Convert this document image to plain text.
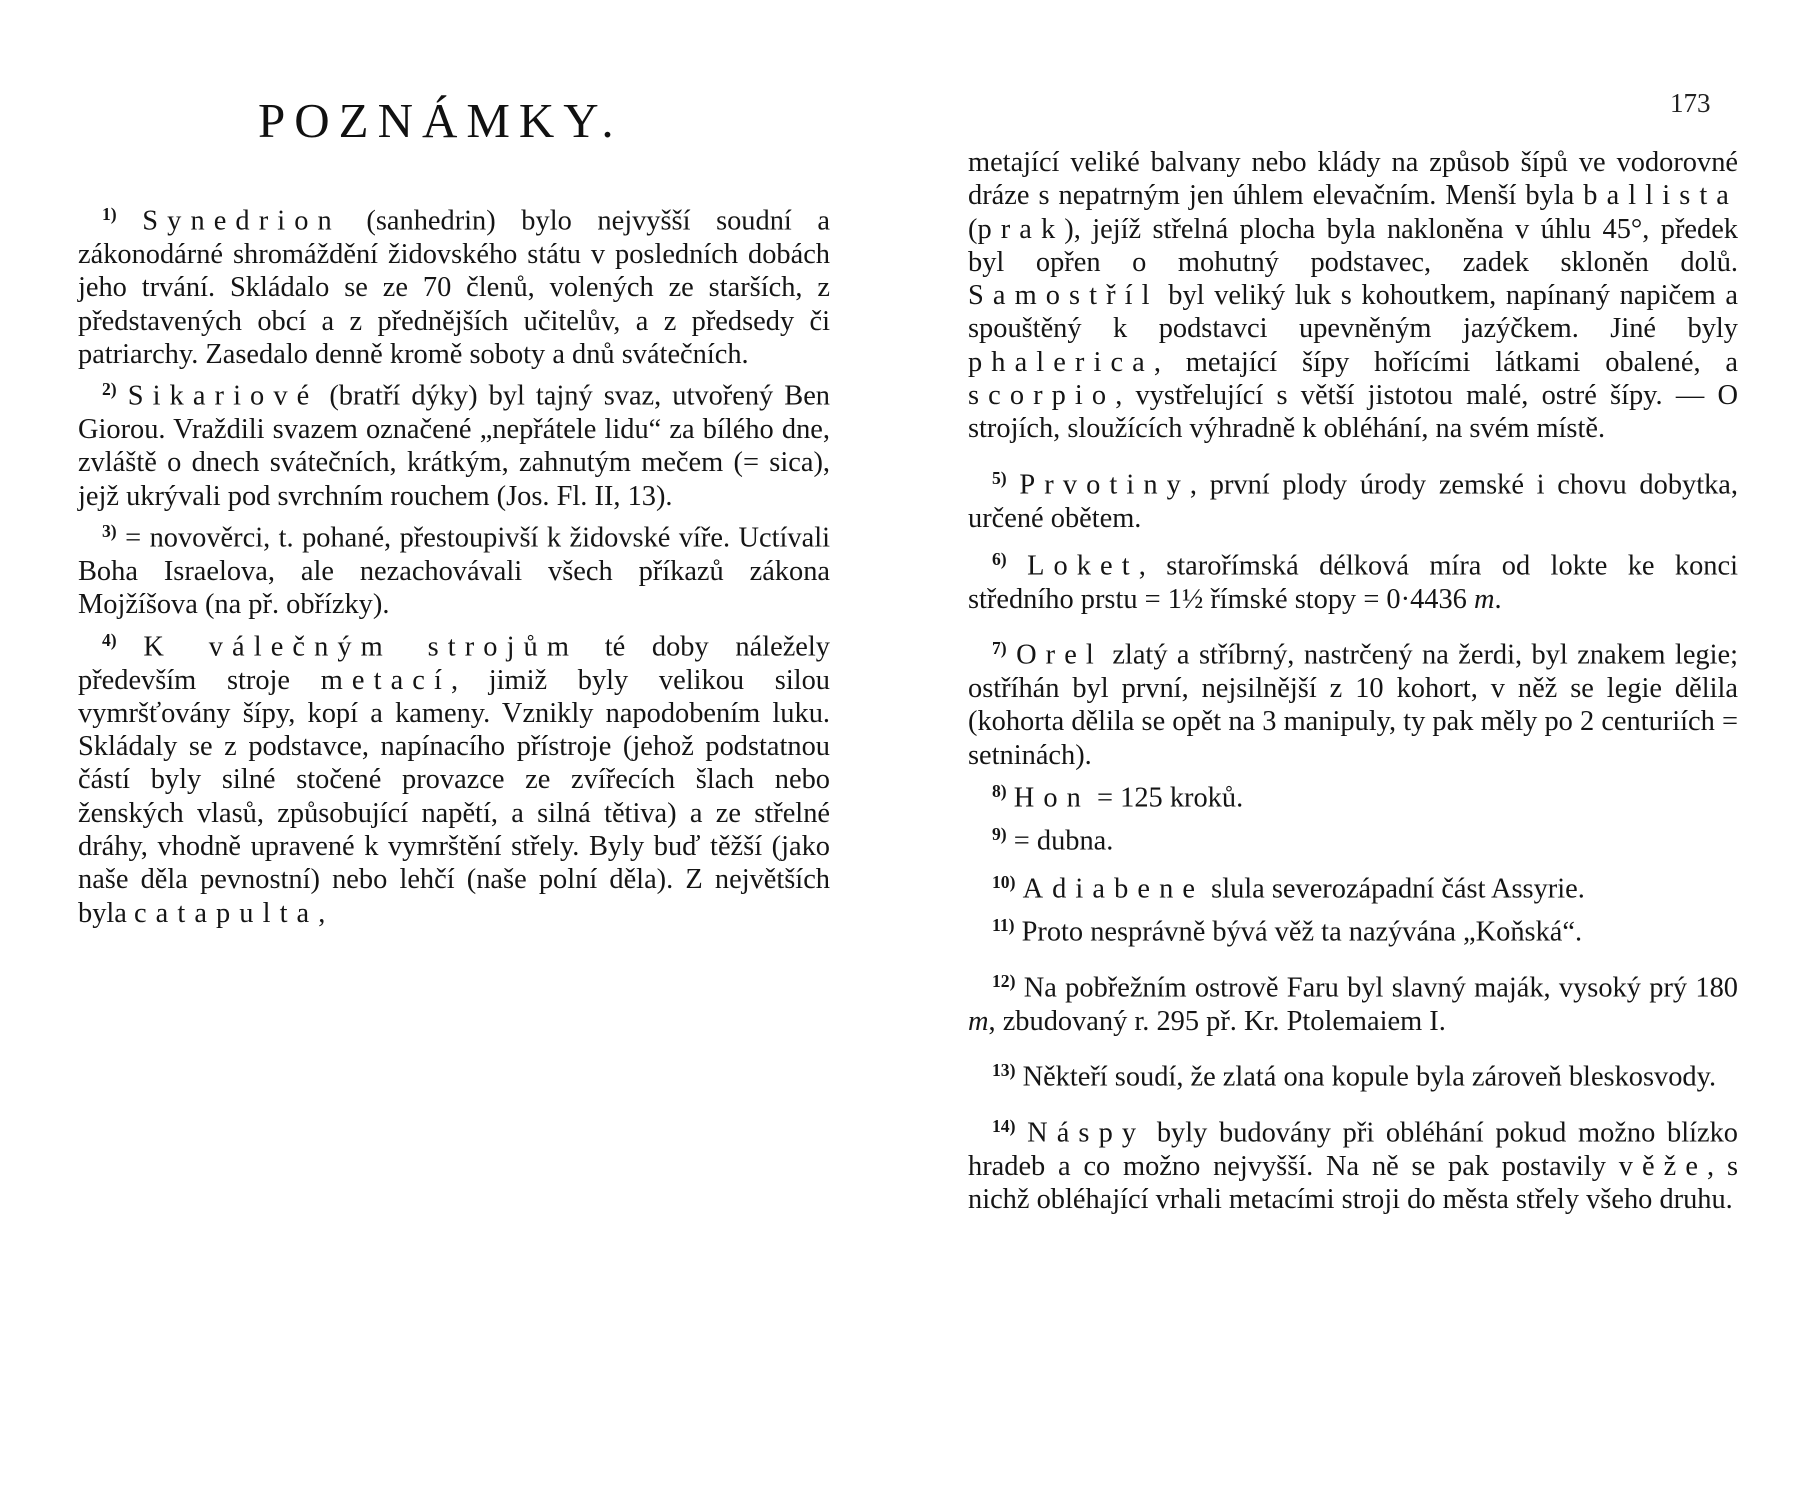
POZNÁMKY.

$^{1)}$ Synedrion (sanhedrin) bylo nejvyšší soudní a zákonodárné shromáždění židovského státu v posledních dobách jeho trvání. Skládalo se ze 70 členů, volených ze starších, z představených obcí a z přednějších učitelův, a z předsedy či patriarchy. Zasedalo denně kromě soboty a dnů svátečních.

$^{2)}$ Sikariové (bratří dýky) byl tajný svaz, utvořený Ben Giorou. Vraždili svazem označené „nepřátele lidu“ za bílého dne, zvláště o dnech svátečních, krátkým, zahnutým mečem (= sica), jejž ukrývali pod svrchním rouchem (Jos. Fl. II, 13).

$^{3)}$ = novověrci, t. pohané, přestoupivší k židovské víře. Uctívali Boha Israelova, ale nezachovávali všech příkazů zákona Mojžíšova (na př. obřízky).

$^{4)}$ K válečným strojům té doby náležely především stroje metací, jimiž byly velikou silou vymršťovány šípy, kopí a kameny. Vznikly napodobením luku. Skládaly se z podstavce, napínacího přístroje (jehož podstatnou částí byly silné stočené provazce ze zvířecích šlach nebo ženských vlasů, způsobující napětí, a silná tětiva) a ze střelné dráhy, vhodně upravené k vymrštění střely. Byly buď těžší (jako naše děla pevnostní) nebo lehčí (naše polní děla). Z největších byla catapulta,

173

metající veliké balvany nebo klády na způsob šípů ve vodorovné dráze s nepatrným jen úhlem elevačním. Menší byla ballista (prak), jejíž střelná plocha byla nakloněna v úhlu 45°, předek byl opřen o mohutný podstavec, zadek skloněn dolů. Samostříl byl veliký luk s kohoutkem, napínaný napičem a spouštěný k podstavci upevněným jazýčkem. Jiné byly phalerica, metající šípy hořícími látkami obalené, a scorpio, vystřelující s větší jistotou malé, ostré šípy. — O strojích, sloužících výhradně k obléhání, na svém místě.

$^{5)}$ Prvotiny, první plody úrody zemské i chovu dobytka, určené obětem.

$^{6)}$ Loket, starořímská délková míra od lokte ke konci středního prstu = 1½ římské stopy = 0·4436 m.

$^{7)}$ Orel zlatý a stříbrný, nastrčený na žerdi, byl znakem legie; ostříhán byl první, nejsilnější z 10 kohort, v něž se legie dělila (kohorta dělila se opět na 3 manipuly, ty pak měly po 2 centuriích = setninách).

$^{8)}$ Hon = 125 kroků.

$^{9)}$ = dubna.

$^{10)}$ Adiabene slula severozápadní část Assyrie.

$^{11)}$ Proto nesprávně bývá věž ta nazývána „Koňská“.

$^{12)}$ Na pobřežním ostrově Faru byl slavný maják, vysoký prý 180 m, zbudovaný r. 295 př. Kr. Ptolemaiem I.

$^{13)}$ Někteří soudí, že zlatá ona kopule byla zároveň bleskosvody.

$^{14)}$ Náspy byly budovány při obléhání pokud možno blízko hradeb a co možno nejvyšší. Na ně se pak postavily věže, s nichž obléhající vrhali metacími stroji do města střely všeho druhu.
